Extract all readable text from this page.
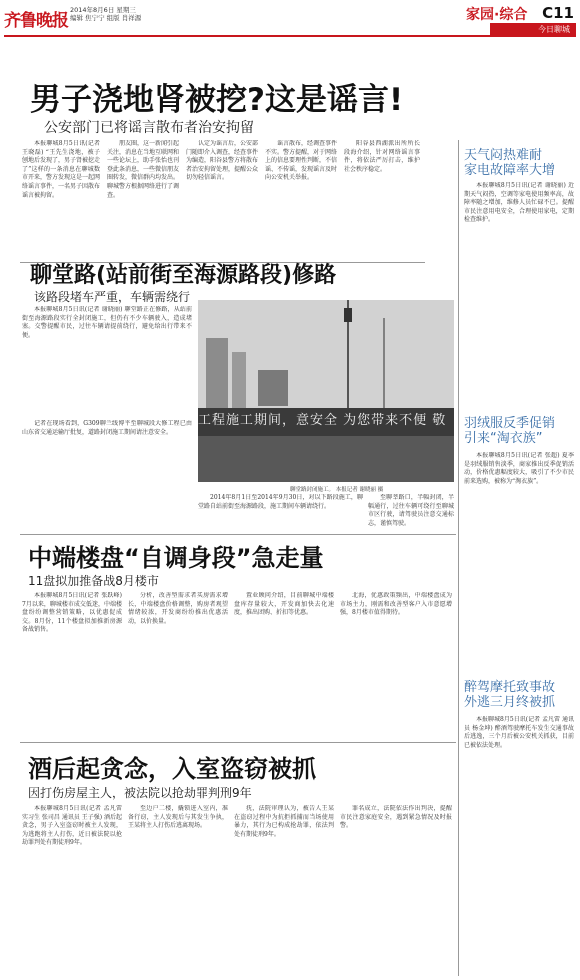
齐鲁晚报
2014年8月6日 星期三
编辑 焦宁宁 组版 肖祥源	家园·综合 C11
今日聊城
男子浇地肾被挖?这是谣言!
公安部门已将谣言散布者治安拘留

本报聊城8月5日讯(记者 王晓磊) “王先生浇地，被子刨地后发现了，男子肾被挖走了”这样的一条消息在聊城数市开来，警方发现这是一起网络谣言事件，一名男子因散布谣言被拘留。

朋友圈，这一新闻引起关注，消息在当地互联网和一些论坛上，助手张怡也刊登此条消息，一些微信朋友圈转发，微信群内均发出。聊城警方根据网络进行了调查。

认定为谣言后，公安部门随即介入调查，经查事件为编造，阳谷县警方将散布者治安拘留处理，提醒公众切勿轻信谣言。

谣言散布，经调查事件不实。警方提醒，对于网络上的信息要理性判断，不信谣、不传谣，发现谣言及时向公安机关举报。

阳谷县西湖派出所所长段海介绍，针对网络谣言事件，将依法严厉打击，维护社会秩序稳定。

聊堂路(站前街至海源路段)修路
该路段堵车严重，车辆需绕行

本报聊城8月5日讯(记者 谢晓丽) 聊堂路正在修路，从站前街至海源路段实行全封闭施工，但仍有不少车辆驶入，造成堵塞。交警提醒市民，过往车辆请提前绕行，避免给出行带来不便。

记者在现场看到，G309聊兰线博平至聊城段大修工程已由山东省交通运输厅批复，道路封闭施工期间请注意安全。

工程施工期间，意安全 为您带来不便 敬
聊堂路封闭施工。 本报记者 谢晓丽 摄

2014年8月1日至2014年9月30日，对以下路段施工，聊堂路自站前街至海源路段，施工期间车辆请绕行。

至聊莘路口，半幅封闭，半幅通行，过往车辆可绕行至聊城市区行驶，请驾驶员注意交通标志，谨慎驾驶。

中端楼盘“自调身段”急走量
11盘拟加推备战8月楼市

本报聊城8月5日讯(记者 张跃峰) 7月以来，聊城楼市成交低迷，中端楼盘纷纷调整营销策略，以优惠促成交。8月份，11个楼盘拟加推新房源备战销售。

分析，改善型需求者买房需求增长，中端楼盘价格调整，购房者观望情绪较浓，开发商纷纷推出优惠活动，以价换量。

置业顾问介绍，目前聊城中端楼盘库存量较大，开发商加快去化速度，推出团购、折扣等优惠。

北海，优惠政策频出，中端楼盘成为市场主力，刚需和改善型客户入市意愿增强，8月楼市值得期待。

酒后起贪念，入室盗窃被抓
因打伤房屋主人，被法院以抢劫罪判刑9年

本报聊城8月5日讯(记者 孟凡雷 实习生 张司昌 通讯员 王子强) 酒后起贪念，男子入室盗窃时被主人发现，为逃跑将主人打伤，近日被法院以抢劫罪判处有期徒刑9年。

至边户二楼，撬锁进入室内，准备行窃，主人发现后与其发生争执，王某将主人打伤后逃离现场。

抚，法院审理认为，被告人王某在盗窃过程中为抗拒抓捕而当场使用暴力，其行为已构成抢劫罪，依法判处有期徒刑9年。

罪名成立，法院依法作出判决，提醒市民注意家庭安全，遇到紧急情况及时报警。

天气闷热难耐
家电故障率大增

本报聊城8月5日讯(记者 谢晓丽) 近期天气闷热，空调等家电使用频率高，故障率随之增加，维修人员忙碌不已。提醒市民注意用电安全，合理使用家电，定期检查维护。

羽绒服反季促销
引来“淘衣族”

本报聊城8月5日讯(记者 张超) 夏季是羽绒服销售淡季，商家推出反季促销活动，价格优惠幅度较大，吸引了不少市民前来选购，被称为“淘衣族”。

醉驾摩托致事故
外逃三月终被抓

本报聊城8月5日讯(记者 孟凡雷 通讯员 杨金坤) 醉酒驾驶摩托车发生交通事故后逃逸，三个月后被公安机关抓获，目前已被依法处理。
